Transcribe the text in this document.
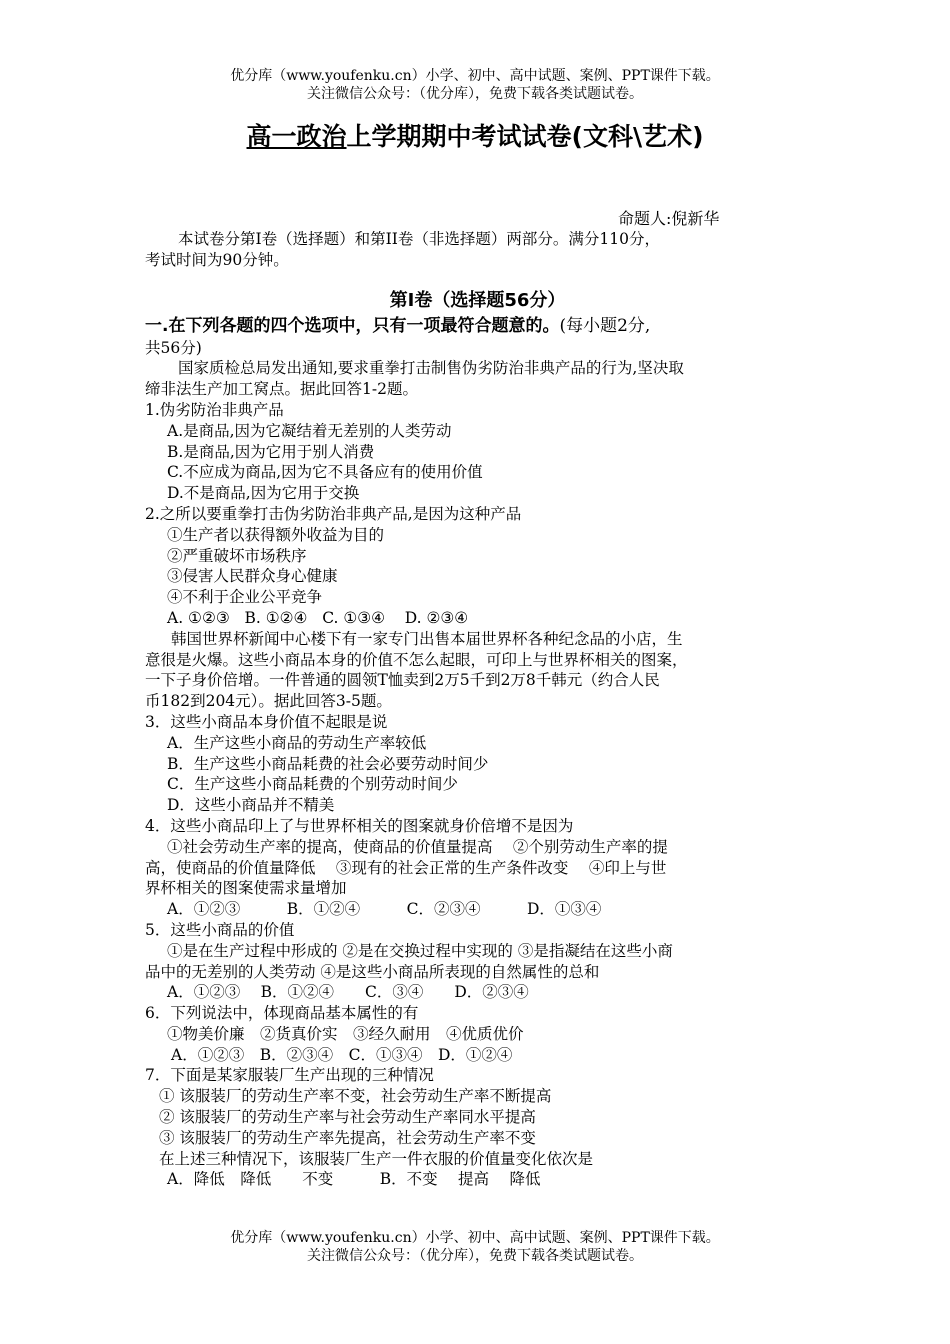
优分库（www.youfenku.cn）小学、初中、高中试题、案例、PPT课件下载。
关注微信公众号：（优分库），免费下载各类试题试卷。
高一政治上学期期中考试试卷(文科\艺术)
命题人:倪新华
本试卷分第Ⅰ卷（选择题）和第II卷（非选择题）两部分。满分110分，
考试时间为90分钟。
第Ⅰ卷（选择题56分）
一.在下列各题的四个选项中，只有一项最符合题意的。(每小题2分,
共56分)
国家质检总局发出通知,要求重拳打击制售伪劣防治非典产品的行为,坚决取
缔非法生产加工窝点。据此回答1-2题。
1.伪劣防治非典产品
A.是商品,因为它凝结着无差别的人类劳动
B.是商品,因为它用于别人消费
C.不应成为商品,因为它不具备应有的使用价值
D.不是商品,因为它用于交换
2.之所以要重拳打击伪劣防治非典产品,是因为这种产品
①生产者以获得额外收益为目的
②严重破坏市场秩序
③侵害人民群众身心健康
④不利于企业公平竞争
A. ①②③   B. ①②④   C. ①③④    D. ②③④
韩国世界杯新闻中心楼下有一家专门出售本届世界杯各种纪念品的小店，生
意很是火爆。这些小商品本身的价值不怎么起眼，可印上与世界杯相关的图案，
一下子身价倍增。一件普通的圆领T恤卖到2万5千到2万8千韩元（约合人民
币182到204元）。据此回答3-5题。
3．这些小商品本身价值不起眼是说
A．生产这些小商品的劳动生产率较低
B．生产这些小商品耗费的社会必要劳动时间少
C．生产这些小商品耗费的个别劳动时间少
D．这些小商品并不精美
4．这些小商品印上了与世界杯相关的图案就身价倍增不是因为
①社会劳动生产率的提高，使商品的价值量提高　 ②个别劳动生产率的提
高，使商品的价值量降低　 ③现有的社会正常的生产条件改变　 ④印上与世
界杯相关的图案使需求量增加
A．①②③　　　B．①②④　　　C．②③④　　　D．①③④
5．这些小商品的价值
①是在生产过程中形成的 ②是在交换过程中实现的 ③是指凝结在这些小商
品中的无差别的人类劳动 ④是这些小商品所表现的自然属性的总和
A．①②③　 B．①②④　　C．③④　　D．②③④
6．下列说法中，体现商品基本属性的有
①物美价廉　②货真价实　③经久耐用　④优质优价
A．①②③　B．②③④　C．①③④　D．①②④
7．下面是某家服装厂生产出现的三种情况
① 该服装厂的劳动生产率不变，社会劳动生产率不断提高
② 该服装厂的劳动生产率与社会劳动生产率同水平提高
③ 该服装厂的劳动生产率先提高，社会劳动生产率不变
在上述三种情况下，该服装厂生产一件衣服的价值量变化依次是
A．降低　降低　　不变　　　B．不变　 提高　 降低
优分库（www.youfenku.cn）小学、初中、高中试题、案例、PPT课件下载。
关注微信公众号：（优分库），免费下载各类试题试卷。
